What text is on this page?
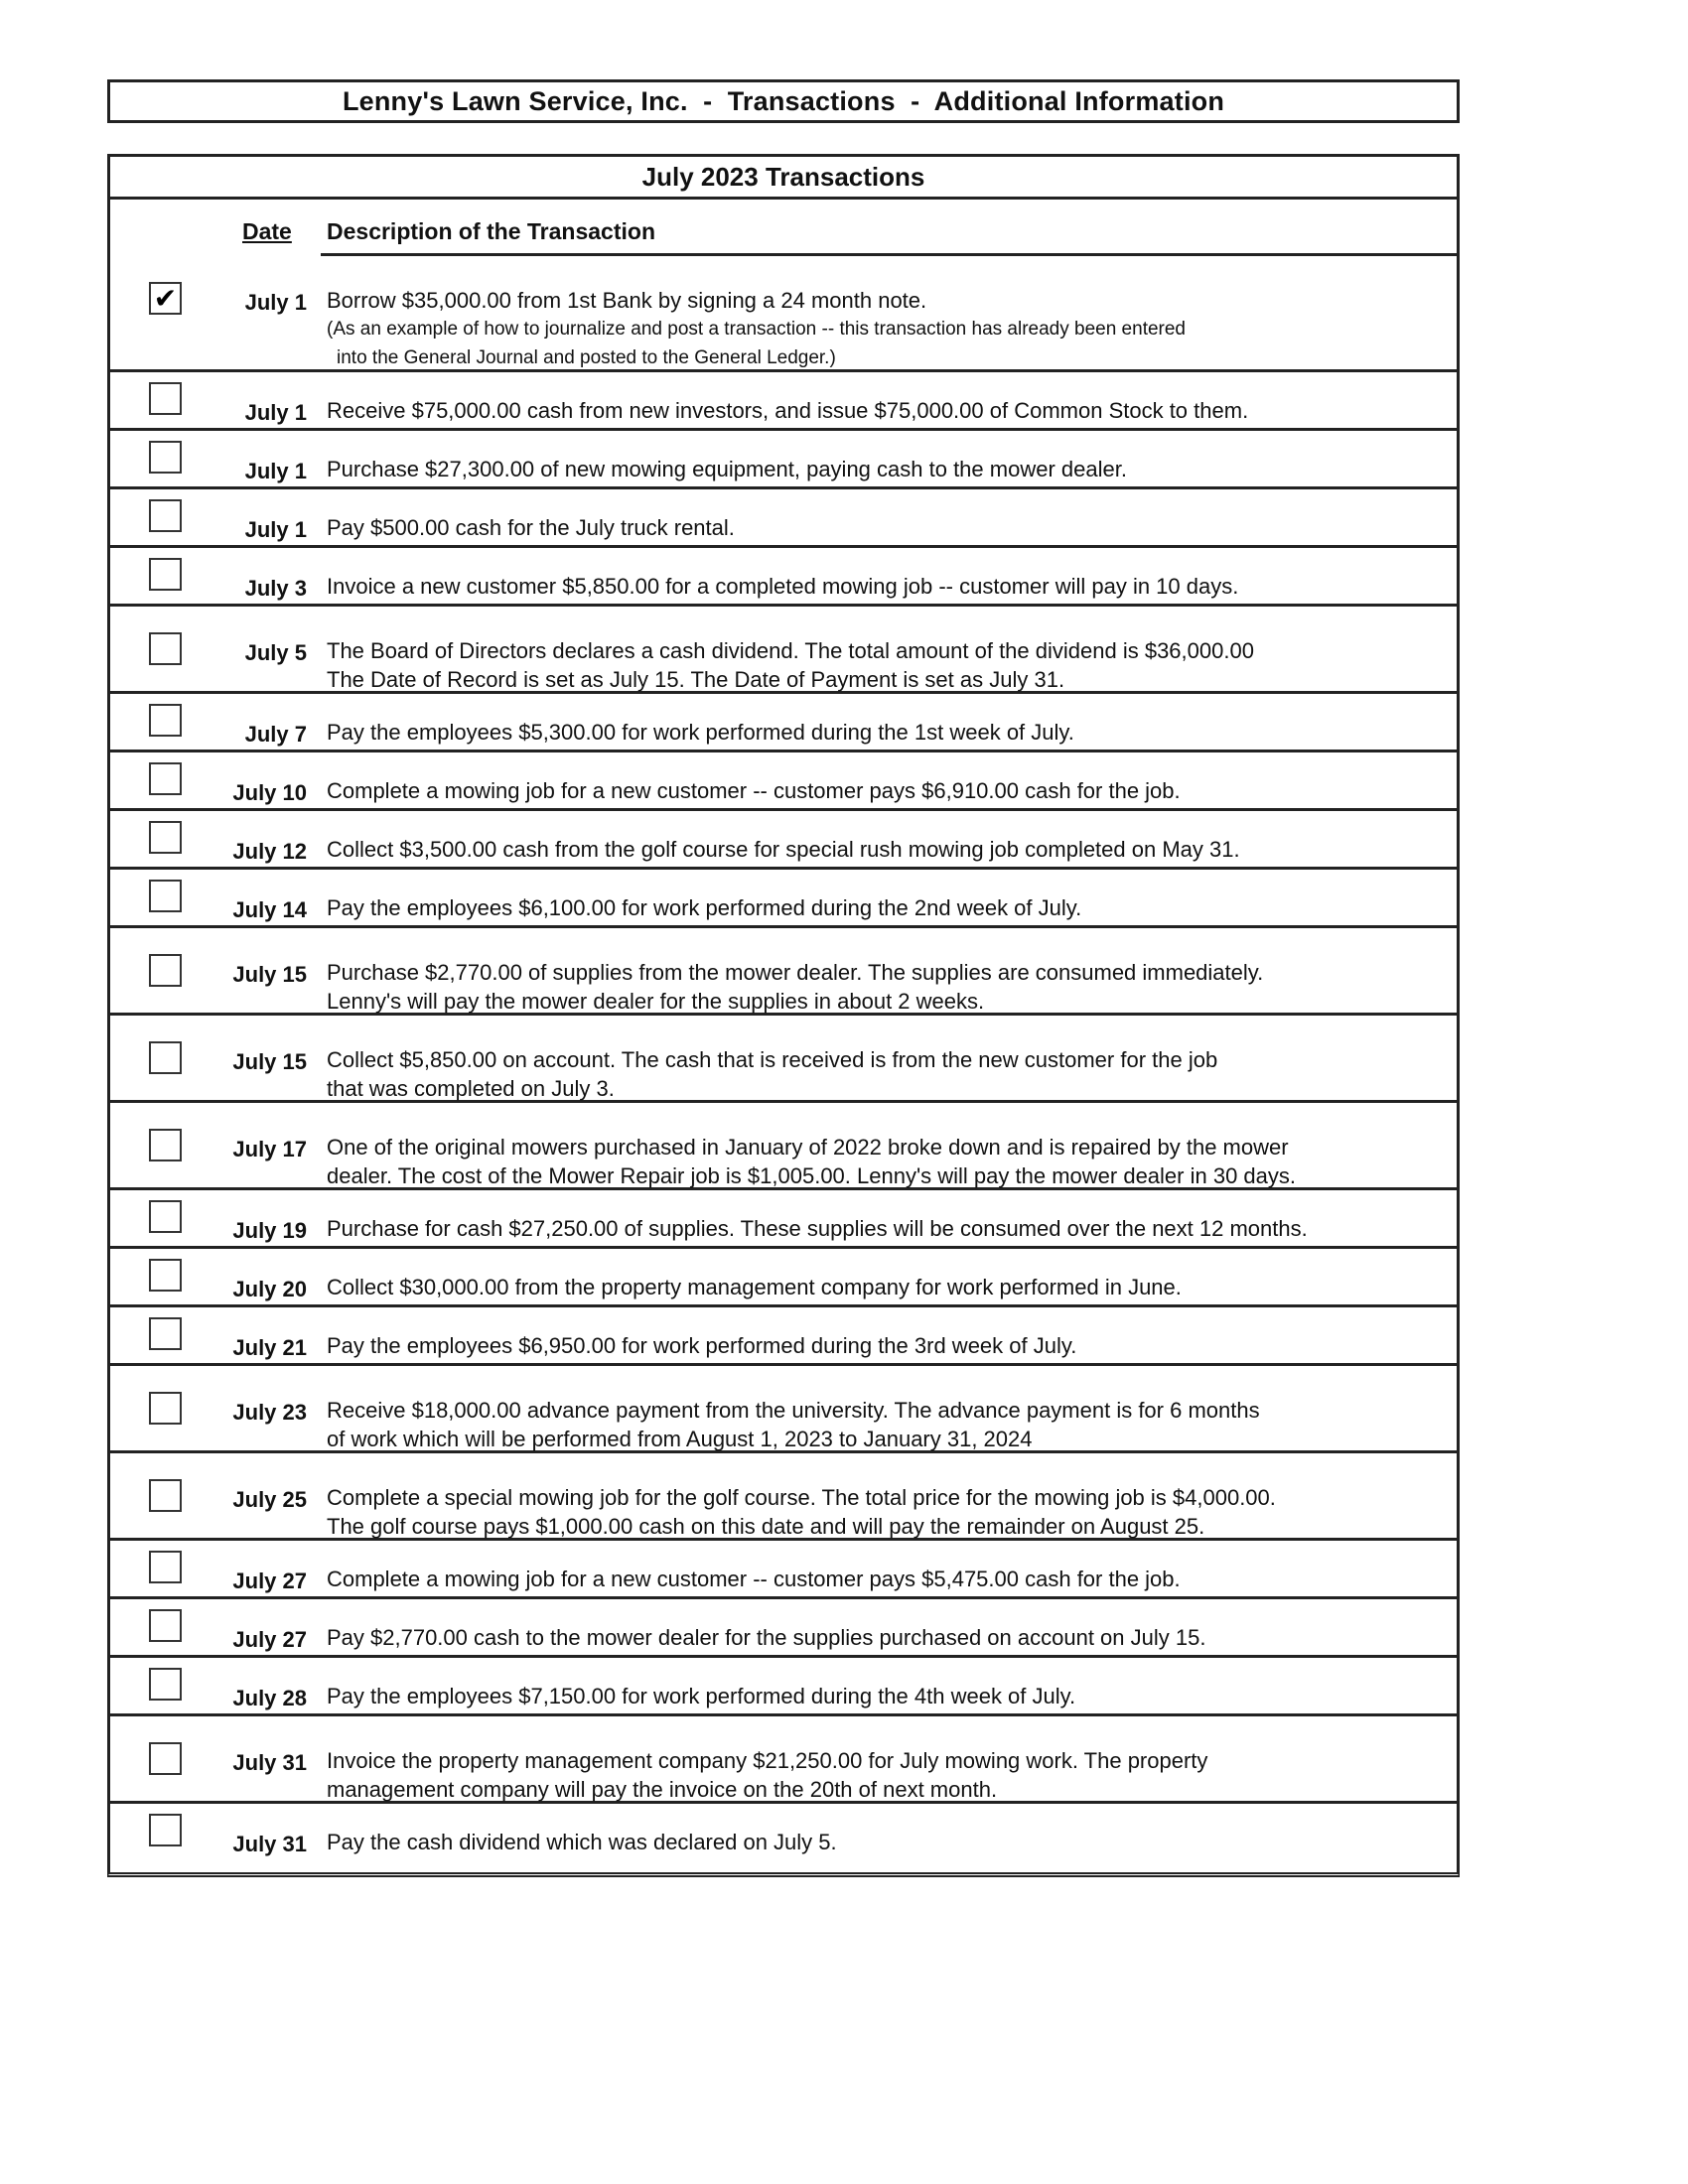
Lenny's Lawn Service, Inc.  -  Transactions  -  Additional Information
July 2023 Transactions
Date Description of the Transaction
✔	July 1 Borrow $35,000.00 from 1st Bank by signing a 24 month note.
(As an example of how to journalize and post a transaction -- this transaction has already been entered
into the General Journal and posted to the General Ledger.)
July 1 Receive $75,000.00 cash from new investors, and issue $75,000.00 of Common Stock to them.
July 1 Purchase $27,300.00 of new mowing equipment, paying cash to the mower dealer.
July 1 Pay $500.00 cash for the July truck rental.
July 3 Invoice a new customer $5,850.00 for a completed mowing job -- customer will pay in 10 days.
July 5 The Board of Directors declares a cash dividend. The total amount of the dividend is $36,000.00
The Date of Record is set as July 15. The Date of Payment is set as July 31.
July 7 Pay the employees $5,300.00 for work performed during the 1st week of July.
July 10 Complete a mowing job for a new customer -- customer pays $6,910.00 cash for the job.
July 12 Collect $3,500.00 cash from the golf course for special rush mowing job completed on May 31.
July 14 Pay the employees $6,100.00 for work performed during the 2nd week of July.
July 15 Purchase $2,770.00 of supplies from the mower dealer. The supplies are consumed immediately.
Lenny's will pay the mower dealer for the supplies in about 2 weeks.
July 15 Collect $5,850.00 on account. The cash that is received is from the new customer for the job
that was completed on July 3.
July 17 One of the original mowers purchased in January of 2022 broke down and is repaired by the mower
dealer. The cost of the Mower Repair job is $1,005.00. Lenny's will pay the mower dealer in 30 days.
July 19 Purchase for cash $27,250.00 of supplies. These supplies will be consumed over the next 12 months.
July 20 Collect $30,000.00 from the property management company for work performed in June.
July 21 Pay the employees $6,950.00 for work performed during the 3rd week of July.
July 23 Receive $18,000.00 advance payment from the university. The advance payment is for 6 months
of work which will be performed from August 1, 2023 to January 31, 2024
July 25 Complete a special mowing job for the golf course. The total price for the mowing job is $4,000.00.
The golf course pays $1,000.00 cash on this date and will pay the remainder on August 25.
July 27 Complete a mowing job for a new customer -- customer pays $5,475.00 cash for the job.
July 27 Pay $2,770.00 cash to the mower dealer for the supplies purchased on account on July 15.
July 28 Pay the employees $7,150.00 for work performed during the 4th week of July.
July 31 Invoice the property management company $21,250.00 for July mowing work. The property
management company will pay the invoice on the 20th of next month.
July 31 Pay the cash dividend which was declared on July 5.
